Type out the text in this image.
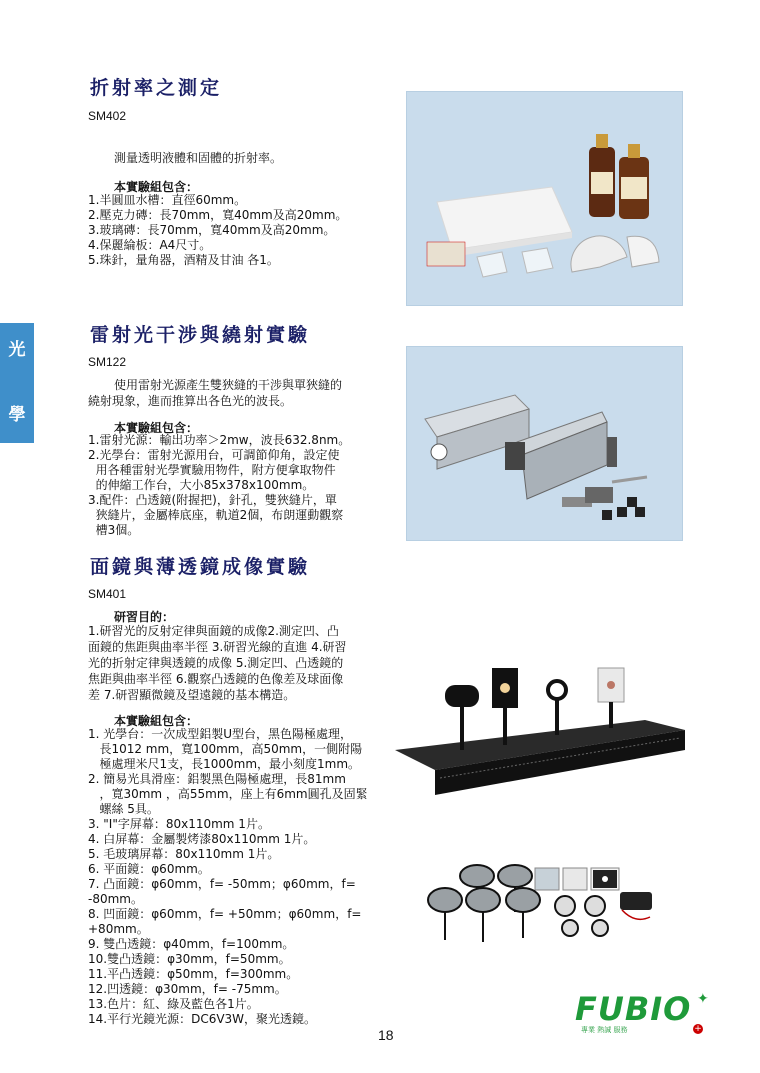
光
學
折射率之測定
SM402
測量透明液體和固體的折射率。
本實驗組包含：
1.半圓皿水槽：直徑60mm。
2.壓克力磚：長70mm，寬40mm及高20mm。
3.玻璃磚：長70mm，寬40mm及高20mm。
4.保麗綸板：A4尺寸。
5.珠針，量角器，酒精及甘油 各1。
雷射光干涉與繞射實驗
SM122
使用雷射光源產生雙狹縫的干涉與單狹縫的
繞射現象，進而推算出各色光的波長。
本實驗組包含：
1.雷射光源：輸出功率＞2mw，波長632.8nm。
2.光學台：雷射光源用台，可調節仰角，設定使
用各種雷射光學實驗用物件，附方便拿取物件
的伸縮工作台，大小85x378x100mm。
3.配件：凸透鏡(附握把)，針孔，雙狹縫片，單
狹縫片，金屬棒底座，軌道2個，布朗運動觀察
槽3個。
面鏡與薄透鏡成像實驗
SM401
研習目的：
1.研習光的反射定律與面鏡的成像2.測定凹、凸
面鏡的焦距與曲率半徑 3.研習光線的直進 4.研習
光的折射定律與透鏡的成像 5.測定凹、凸透鏡的
焦距與曲率半徑 6.觀察凸透鏡的色像差及球面像
差 7.研習顯微鏡及望遠鏡的基本構造。
本實驗組包含：
1. 光學台：一次成型鋁製U型台，黑色陽極處理，
長1012 mm，寬100mm，高50mm，一側附陽
極處理米尺1支，長1000mm，最小刻度1mm。
2. 簡易光具滑座：鋁製黑色陽極處理，長81mm
，寬30mm ，高55mm，座上有6mm圓孔及固緊
螺絲 5具。
3. "I"字屏幕：80x110mm 1片。
4. 白屏幕：金屬製烤漆80x110mm 1片。
5. 毛玻璃屏幕：80x110mm 1片。
6. 平面鏡：φ60mm。
7. 凸面鏡：φ60mm，f= -50mm；φ60mm，f= -80mm。
8. 凹面鏡：φ60mm，f= +50mm；φ60mm，f= +80mm。
9. 雙凸透鏡：φ40mm，f=100mm。
10.雙凸透鏡：φ30mm，f=50mm。
11.平凸透鏡：φ50mm，f=300mm。
12.凹透鏡：φ30mm，f= -75mm。
13.色片：紅、綠及藍色各1片。
14.平行光鏡光源：DC6V3W，聚光透鏡。
18
FUBIO
專業 熱誠 服務
✦
+
